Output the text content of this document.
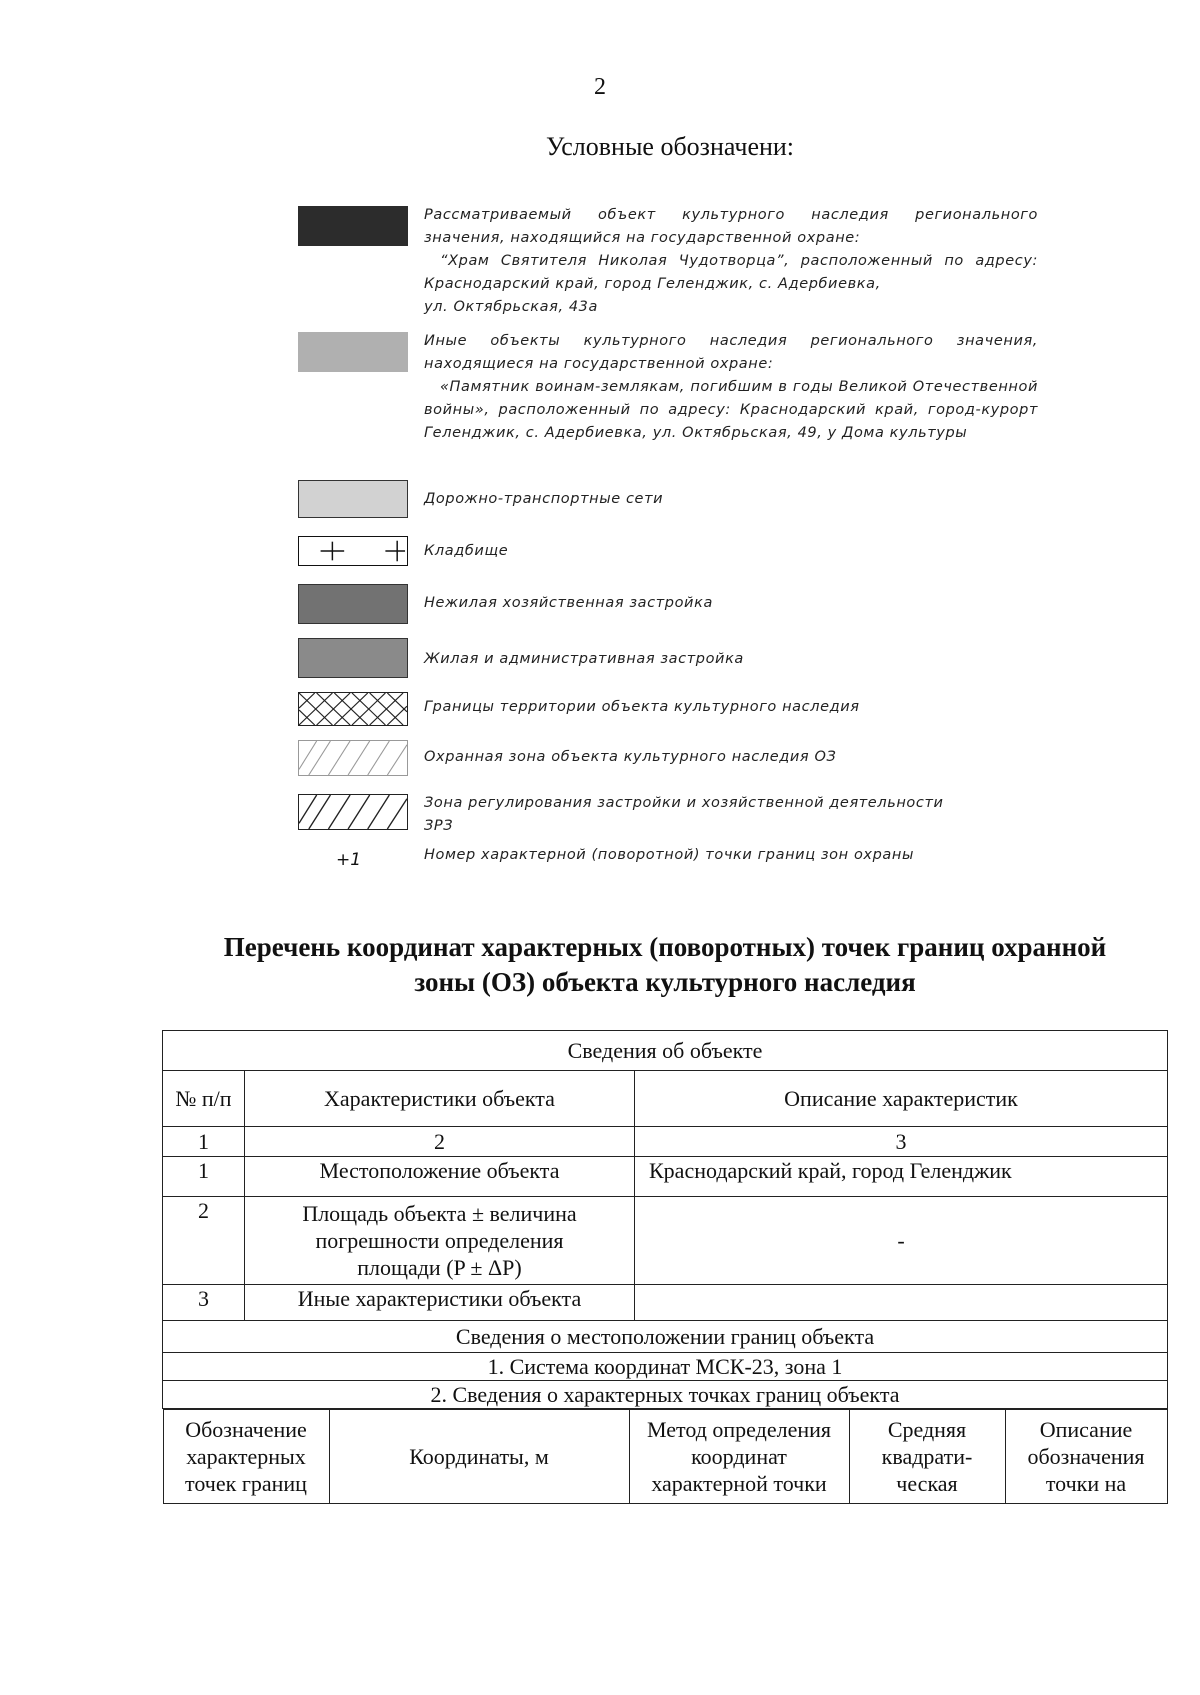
2
Условные обозначени:
Рассматриваемый объект культурного наследия регионального значения, находящийся на государственной охране:
“Храм Святителя Николая Чудотворца”, расположенный по адресу: Краснодарский край, город Геленджик, с. Адербиевка,
ул. Октябрьская, 43а
Иные объекты культурного наследия регионального значения, находящиеся на государственной охране:
«Памятник воинам-землякам, погибшим в годы Великой Отечественной войны», расположенный по адресу: Краснодарский край, город-курорт Геленджик, с. Адербиевка, ул. Октябрьская, 49, у Дома культуры
Дорожно-транспортные сети
Кладбище
Нежилая хозяйственная застройка
Жилая и административная застройка
Границы территории объекта культурного наследия
Охранная зона объекта культурного наследия ОЗ
Зона регулирования застройки и хозяйственной деятельности
ЗРЗ
+1	Номер характерной (поворотной) точки границ зон охраны
Перечень координат характерных (поворотных) точек границ охранной
зоны (ОЗ) объекта культурного наследия
Сведения об объекте
№ п/п	Характеристики объекта	Описание характеристик
1	2	3
1	Местоположение объекта	Краснодарский край, город Геленджик
2	Площадь объекта ± величина погрешности определения площади (P ± ΔP)	-
3	Иные характеристики объекта	
Сведения о местоположении границ объекта
1. Система координат МСК-23, зона 1
2. Сведения о характерных точках границ объекта

Обозначение характерных точек границ	Координаты, м	Метод определения координат характерной точки	Средняя квадрати-ческая	Описание обозначения точки на
